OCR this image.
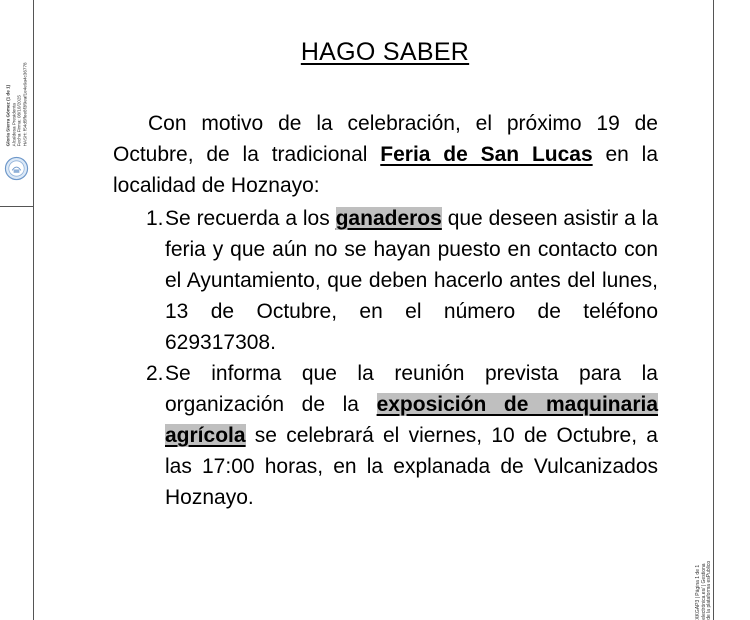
Gloria Sierra Gómez (1 de 1)
Alcaldesa Presidenta
Fecha Firma: 08/10/2025
HASH: f54d5ffee8f3f9eaf1e4e9a4c36778
XKGAP3 | Página 1 de 1
electrónica.es/ | Gestiona
de la plataforma esPublico
HAGO SABER

Con motivo de la celebración, el próximo 19 de Octubre, de la tradicional Feria de San Lucas en la localidad de Hoznayo:

1. Se recuerda a los ganaderos que deseen asistir a la feria y que aún no se hayan puesto en contacto con el Ayuntamiento, que deben hacerlo antes del lunes, 13 de Octubre, en el número de teléfono 629317308.
2. Se informa que la reunión prevista para la organización de la exposición de maquinaria agrícola se celebrará el viernes, 10 de Octubre, a las 17:00 horas, en la explanada de Vulcanizados Hoznayo.
